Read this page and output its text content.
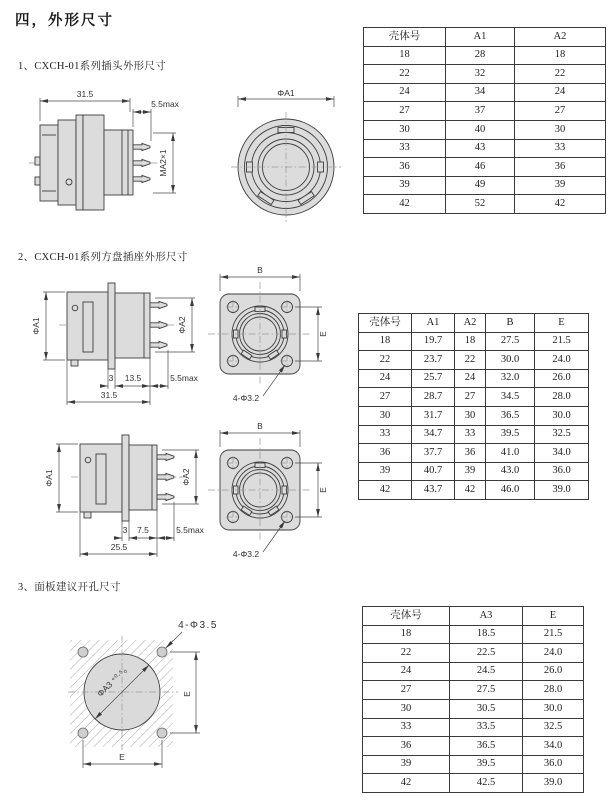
四，外形尺寸
1、CXCH-01系列插头外形尺寸
2、CXCH-01系列方盘插座外形尺寸
3、面板建议开孔尺寸
31.5
5.5max
MA2×1
ΦA1
ΦA1	ΦA2
3 13.5	5.5max
31.5
B
E
4-Φ3.2
ΦA1	ΦA2
3 7.5	5.5max
25.5
B
E
4-Φ3.2
ΦA3 ⁺⁰·⁵₀	E
E
4-Φ3.5
壳体号	A1	A2
18	28	18
22	32	22
24	34	24
27	37	27
30	40	30
33	43	33
36	46	36
39	49	39
42	52	42
壳体号	A1	A2	B	E
18	19.7	18	27.5	21.5
22	23.7	22	30.0	24.0
24	25.7	24	32.0	26.0
27	28.7	27	34.5	28.0
30	31.7	30	36.5	30.0
33	34.7	33	39.5	32.5
36	37.7	36	41.0	34.0
39	40.7	39	43.0	36.0
42	43.7	42	46.0	39.0
壳体号	A3	E
18	18.5	21.5
22	22.5	24.0
24	24.5	26.0
27	27.5	28.0
30	30.5	30.0
33	33.5	32.5
36	36.5	34.0
39	39.5	36.0
42	42.5	39.0
